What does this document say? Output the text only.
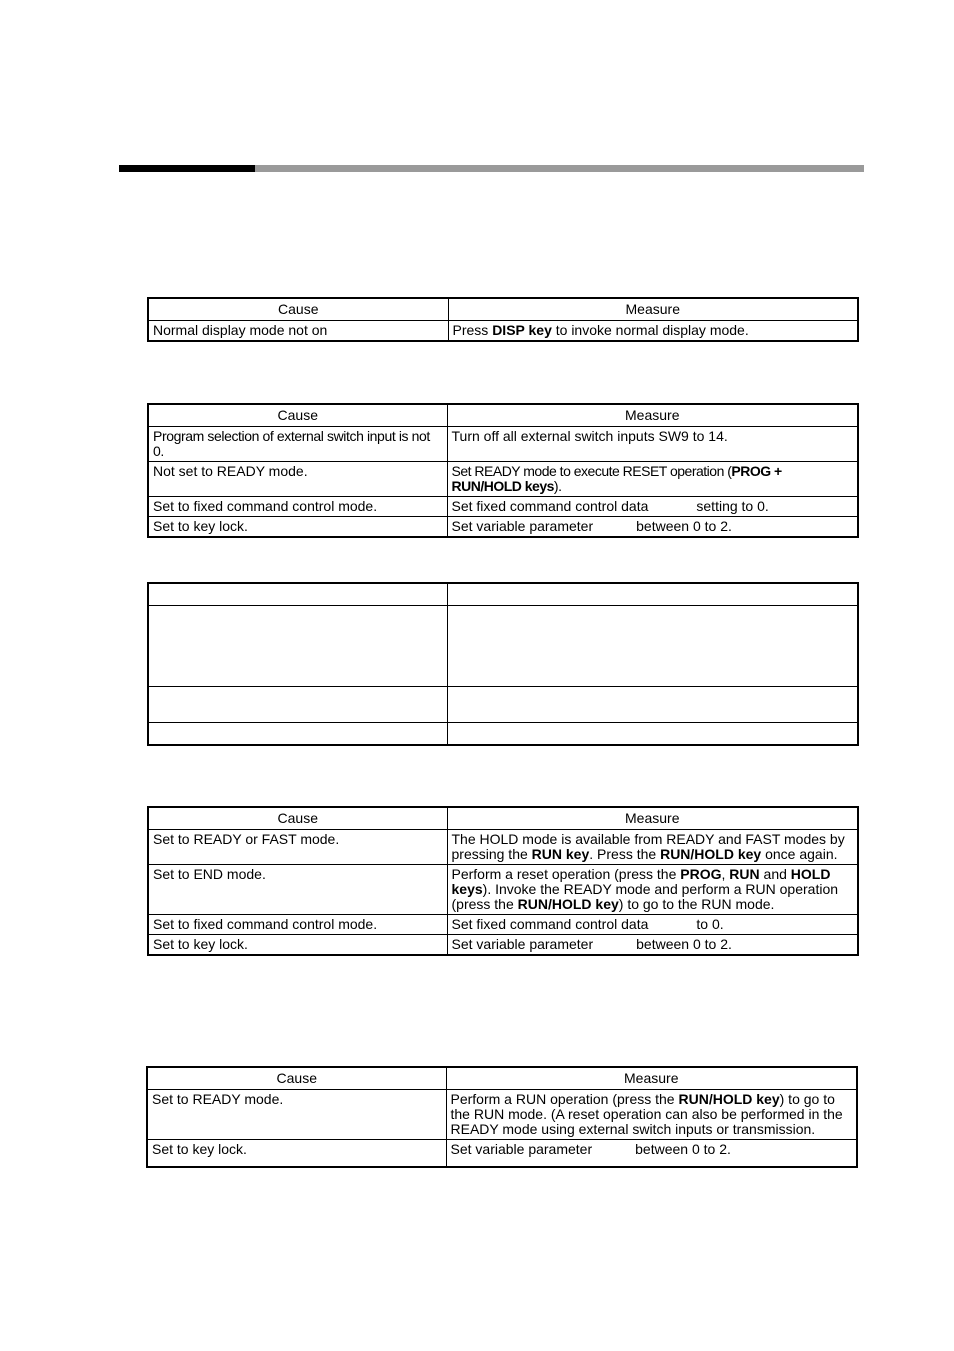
Cause	Measure
Normal display mode not on	Press DISP key to invoke normal display mode.
Cause	Measure
Program selection of external switch input is not 0.	Turn off all external switch inputs SW9 to 14.
Not set to READY mode.	Set READY mode to execute RESET operation (PROG + RUN/HOLD keys).
Set to fixed command control mode.	Set fixed command control data setting to 0.
Set to key lock.	Set variable parameter between 0 to 2.

Cause	Measure
Set to READY or FAST mode.	The HOLD mode is available from READY and FAST modes by pressing the RUN key. Press the RUN/HOLD key once again.
Set to END mode.	Perform a reset operation (press the PROG, RUN and HOLD keys). Invoke the READY mode and perform a RUN operation (press the RUN/HOLD key) to go to the RUN mode.
Set to fixed command control mode.	Set fixed command control data to 0.
Set to key lock.	Set variable parameter between 0 to 2.
Cause	Measure
Set to READY mode.	Perform a RUN operation (press the RUN/HOLD key) to go to the RUN mode. (A reset operation can also be performed in the READY mode using external switch inputs or transmission.
Set to key lock.	Set variable parameter between 0 to 2.
